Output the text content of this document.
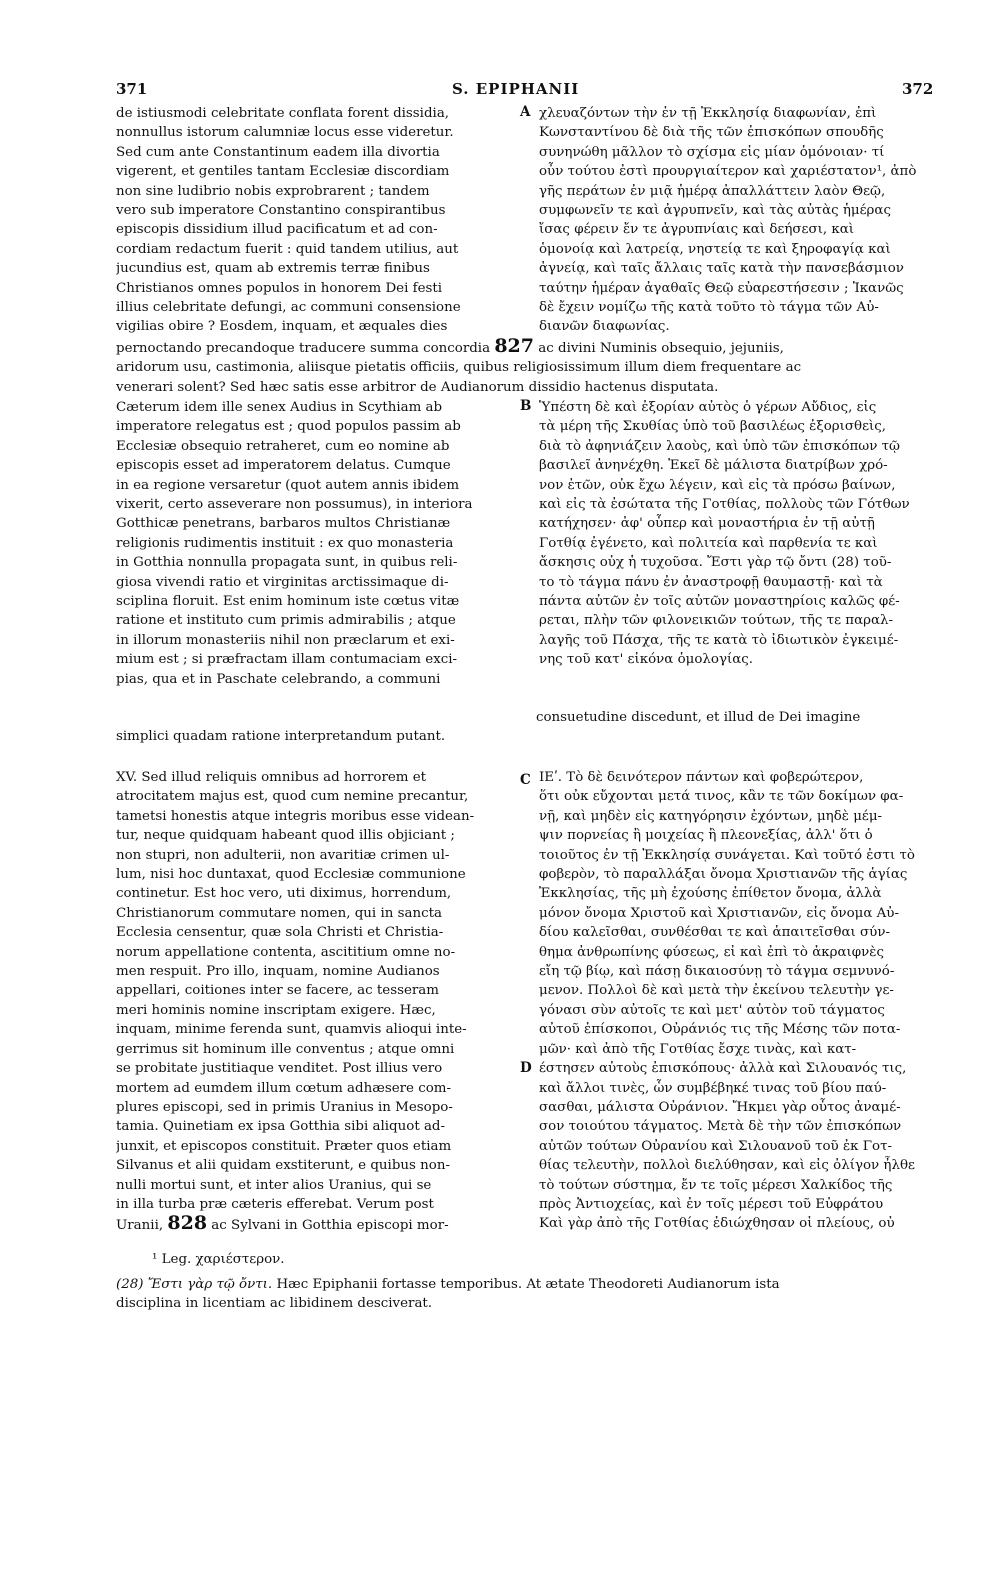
371	S. EPIPHANII	372
de istiusmodi celebritate conflata forent dissidia,
nonnullus istorum calumniæ locus esse videretur.
Sed cum ante Constantinum eadem illa divortia
vigerent, et gentiles tantam Ecclesiæ discordiam
non sine ludibrio nobis exprobrarent ; tandem
vero sub imperatore Constantino conspirantibus
episcopis dissidium illud pacificatum et ad con-
cordiam redactum fuerit : quid tandem utilius, aut
jucundius est, quam ab extremis terræ finibus
Christianos omnes populos in honorem Dei festi
illius celebritate defungi, ac communi consensione
vigilias obire ? Eosdem, inquam, et æquales dies
χλευαζόντων τὴν ἐν τῇ Ἐκκλησίᾳ διαφωνίαν, ἐπὶ
Κωνσταντίνου δὲ διὰ τῆς τῶν ἐπισκόπων σπουδῆς
συνηνώθη μᾶλλον τὸ σχίσμα εἰς μίαν ὁμόνοιαν· τί
οὖν τούτου ἐστὶ προυργιαίτερον καὶ χαριέστατον¹, ἀπὸ
γῆς περάτων ἐν μιᾷ ἡμέρᾳ ἀπαλλάττειν λαὸν Θεῷ,
συμφωνεῖν τε καὶ ἀγρυπνεῖν, καὶ τὰς αὐτὰς ἡμέρας
ἴσας φέρειν ἔν τε ἀγρυπνίαις καὶ δεήσεσι, καὶ
ὁμονοίᾳ καὶ λατρείᾳ, νηστείᾳ τε καὶ ξηροφαγίᾳ καὶ
ἁγνείᾳ, καὶ ταῖς ἄλλαις ταῖς κατὰ τὴν πανσεβάσμιον
ταύτην ἡμέραν ἀγαθαῖς Θεῷ εὐαρεστήσεσιν ; Ἱκανῶς
δὲ ἔχειν νομίζω τῆς κατὰ τοῦτο τὸ τάγμα τῶν Αὐ-
διανῶν διαφωνίας.
A
pernoctando precandoque traducere summa concordia 827 ac divini Numinis obsequio, jejuniis,
aridorum usu, castimonia, aliisque pietatis officiis, quibus religiosissimum illum diem frequentare ac
venerari solent? Sed hæc satis esse arbitror de Audianorum dissidio hactenus disputata.
Cæterum idem ille senex Audius in Scythiam ab
imperatore relegatus est ; quod populos passim ab
Ecclesiæ obsequio retraheret, cum eo nomine ab
episcopis esset ad imperatorem delatus. Cumque
in ea regione versaretur (quot autem annis ibidem
vixerit, certo asseverare non possumus), in interiora
Gotthicæ penetrans, barbaros multos Christianæ
religionis rudimentis instituit : ex quo monasteria
in Gotthia nonnulla propagata sunt, in quibus reli-
giosa vivendi ratio et virginitas arctissimaque di-
sciplina floruit. Est enim hominum iste cœtus vitæ
ratione et instituto cum primis admirabilis ; atque
in illorum monasteriis nihil non præclarum et exi-
mium est ; si præfractam illam contumaciam exci-
pias, qua et in Paschate celebrando, a communi
Ὑπέστη δὲ καὶ ἐξορίαν αὐτὸς ὁ γέρων Αὔδιος, εἰς
τὰ μέρη τῆς Σκυθίας ὑπὸ τοῦ βασιλέως ἐξορισθεὶς,
διὰ τὸ ἀφηνιάζειν λαοὺς, καὶ ὑπὸ τῶν ἐπισκόπων τῷ
βασιλεῖ ἀνηνέχθη. Ἐκεῖ δὲ μάλιστα διατρίβων χρό-
νον ἐτῶν, οὐκ ἔχω λέγειν, καὶ εἰς τὰ πρόσω βαίνων,
καὶ εἰς τὰ ἐσώτατα τῆς Γοτθίας, πολλοὺς τῶν Γότθων
κατήχησεν· ἀφ' οὗπερ καὶ μοναστήρια ἐν τῇ αὐτῇ
Γοτθίᾳ ἐγένετο, καὶ πολιτεία καὶ παρθενία τε καὶ
ἄσκησις οὐχ ἡ τυχοῦσα. Ἔστι γὰρ τῷ ὄντι (28) τοῦ-
το τὸ τάγμα πάνυ ἐν ἀναστροφῇ θαυμαστῇ· καὶ τὰ
πάντα αὐτῶν ἐν τοῖς αὐτῶν μοναστηρίοις καλῶς φέ-
ρεται, πλὴν τῶν φιλονεικιῶν τούτων, τῆς τε παραλ-
λαγῆς τοῦ Πάσχα, τῆς τε κατὰ τὸ ἰδιωτικὸν ἐγκειμέ-
νης τοῦ κατ' εἰκόνα ὁμολογίας.
B
consuetudine discedunt, et illud de Dei imagine
simplici quadam ratione interpretandum putant.
XV. Sed illud reliquis omnibus ad horrorem et
atrocitatem majus est, quod cum nemine precantur,
tametsi honestis atque integris moribus esse videan-
tur, neque quidquam habeant quod illis objiciant ;
non stupri, non adulterii, non avaritiæ crimen ul-
lum, nisi hoc duntaxat, quod Ecclesiæ communione
continetur. Est hoc vero, uti diximus, horrendum,
Christianorum commutare nomen, qui in sancta
Ecclesia censentur, quæ sola Christi et Christia-
norum appellatione contenta, ascititium omne no-
men respuit. Pro illo, inquam, nomine Audianos
appellari, coitiones inter se facere, ac tesseram
meri hominis nomine inscriptam exigere. Hæc,
inquam, minime ferenda sunt, quamvis alioqui inte-
gerrimus sit hominum ille conventus ; atque omni
se probitate justitiaque venditet. Post illius vero
mortem ad eumdem illum cœtum adhæsere com-
plures episcopi, sed in primis Uranius in Mesopo-
tamia. Quinetiam ex ipsa Gotthia sibi aliquot ad-
junxit, et episcopos constituit. Præter quos etiam
Silvanus et alii quidam exstiterunt, e quibus non-
nulli mortui sunt, et inter alios Uranius, qui se
in illa turba præ cæteris efferebat. Verum post
Uranii, 828 ac Sylvani in Gotthia episcopi mor-
ΙΕʹ. Τὸ δὲ δεινότερον πάντων καὶ φοβερώτερον,
ὅτι οὐκ εὔχονται μετά τινος, κἂν τε τῶν δοκίμων φα-
νῇ, καὶ μηδὲν εἰς κατηγόρησιν ἐχόντων, μηδὲ μέμ-
ψιν πορνείας ἢ μοιχείας ἢ πλεονεξίας, ἀλλ' ὅτι ὁ
τοιοῦτος ἐν τῇ Ἐκκλησίᾳ συνάγεται. Καὶ τοῦτό ἐστι τὸ
φοβερὸν, τὸ παραλλάξαι ὄνομα Χριστιανῶν τῆς ἁγίας
Ἐκκλησίας, τῆς μὴ ἐχούσης ἐπίθετον ὄνομα, ἀλλὰ
μόνον ὄνομα Χριστοῦ καὶ Χριστιανῶν, εἰς ὄνομα Αὐ-
δίου καλεῖσθαι, συνθέσθαι τε καὶ ἀπαιτεῖσθαι σύν-
θημα ἀνθρωπίνης φύσεως, εἰ καὶ ἐπὶ τὸ ἀκραιφνὲς
εἴη τῷ βίῳ, καὶ πάσῃ δικαιοσύνῃ τὸ τάγμα σεμνυνό-
μενον. Πολλοὶ δὲ καὶ μετὰ τὴν ἐκείνου τελευτὴν γε-
γόνασι σὺν αὐτοῖς τε καὶ μετ' αὐτὸν τοῦ τάγματος
αὐτοῦ ἐπίσκοποι, Οὐράνιός τις τῆς Μέσης τῶν ποτα-
μῶν· καὶ ἀπὸ τῆς Γοτθίας ἔσχε τινὰς, καὶ κατ-
έστησεν αὐτοὺς ἐπισκόπους· ἀλλὰ καὶ Σιλουανός τις,
καὶ ἄλλοι τινὲς, ὧν συμβέβηκέ τινας τοῦ βίου παύ-
σασθαι, μάλιστα Οὐράνιον. Ἤκμει γὰρ οὗτος ἀναμέ-
σον τοιούτου τάγματος. Μετὰ δὲ τὴν τῶν ἐπισκόπων
αὐτῶν τούτων Οὐρανίου καὶ Σιλουανοῦ τοῦ ἐκ Γοτ-
θίας τελευτὴν, πολλοὶ διελύθησαν, καὶ εἰς ὀλίγον ἦλθε
τὸ τούτων σύστημα, ἔν τε τοῖς μέρεσι Χαλκίδος τῆς
πρὸς Ἀντιοχείας, καὶ ἐν τοῖς μέρεσι τοῦ Εὐφράτου
Καὶ γὰρ ἀπὸ τῆς Γοτθίας ἐδιώχθησαν οἱ πλείους, οὐ
C
D
¹ Leg. χαριέστερον.
(28) Ἔστι γὰρ τῷ ὄντι. Hæc Epiphanii fortasse temporibus. At ætate Theodoreti Audianorum ista
disciplina in licentiam ac libidinem desciverat.
